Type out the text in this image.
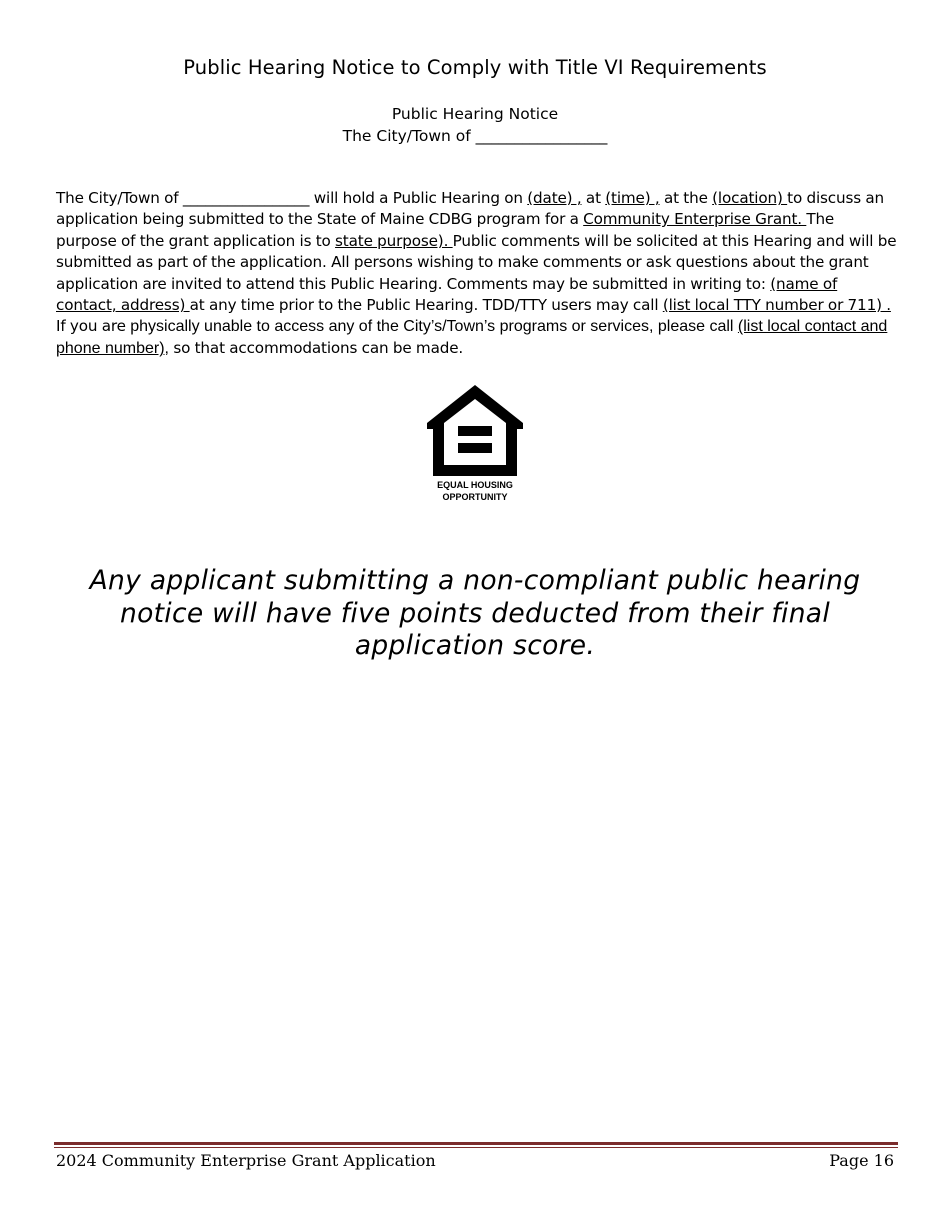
Public Hearing Notice to Comply with Title VI Requirements
Public Hearing Notice
The City/Town of _________________
The City/Town of _________________ will hold a Public Hearing on (date) , at (time) , at the (location) to discuss an application being submitted to the State of Maine CDBG program for a Community Enterprise Grant. The purpose of the grant application is to state purpose). Public comments will be solicited at this Hearing and will be submitted as part of the application. All persons wishing to make comments or ask questions about the grant application are invited to attend this Public Hearing. Comments may be submitted in writing to: (name of contact, address) at any time prior to the Public Hearing. TDD/TTY users may call (list local TTY number or 711) . If you are physically unable to access any of the City’s/Town’s programs or services, please call (list local contact and phone number), so that accommodations can be made.
EQUAL HOUSING
OPPORTUNITY
Any applicant submitting a non-compliant public hearing notice will have five points deducted from their final application score.
2024 Community Enterprise Grant Application	Page 16
